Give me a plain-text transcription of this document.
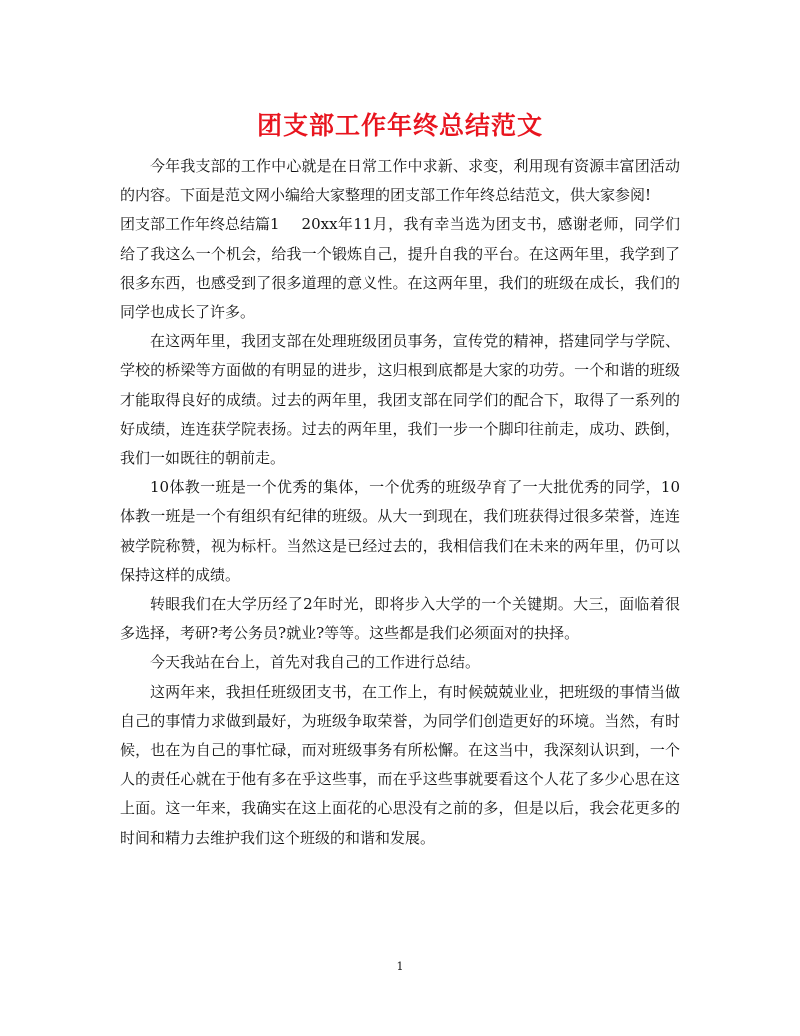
团支部工作年终总结范文

今年我支部的工作中心就是在日常工作中求新、求变，利用现有资源丰富团活动的内容。下面是范文网小编给大家整理的团支部工作年终总结范文，供大家参阅!

团支部工作年终总结篇1 20xx年11月，我有幸当选为团支书，感谢老师，同学们给了我这么一个机会，给我一个锻炼自己，提升自我的平台。在这两年里，我学到了很多东西，也感受到了很多道理的意义性。在这两年里，我们的班级在成长，我们的同学也成长了许多。

在这两年里，我团支部在处理班级团员事务，宣传党的精神，搭建同学与学院、学校的桥梁等方面做的有明显的进步，这归根到底都是大家的功劳。一个和谐的班级才能取得良好的成绩。过去的两年里，我团支部在同学们的配合下，取得了一系列的好成绩，连连获学院表扬。过去的两年里，我们一步一个脚印往前走，成功、跌倒，我们一如既往的朝前走。

10体教一班是一个优秀的集体，一个优秀的班级孕育了一大批优秀的同学，10体教一班是一个有组织有纪律的班级。从大一到现在，我们班获得过很多荣誉，连连被学院称赞，视为标杆。当然这是已经过去的，我相信我们在未来的两年里，仍可以保持这样的成绩。

转眼我们在大学历经了2年时光，即将步入大学的一个关键期。大三，面临着很多选择，考研?考公务员?就业?等等。这些都是我们必须面对的抉择。

今天我站在台上，首先对我自己的工作进行总结。

这两年来，我担任班级团支书，在工作上，有时候兢兢业业，把班级的事情当做自己的事情力求做到最好，为班级争取荣誉，为同学们创造更好的环境。当然，有时候，也在为自己的事忙碌，而对班级事务有所松懈。在这当中，我深刻认识到，一个人的责任心就在于他有多在乎这些事，而在乎这些事就要看这个人花了多少心思在这上面。这一年来，我确实在这上面花的心思没有之前的多，但是以后，我会花更多的时间和精力去维护我们这个班级的和谐和发展。

1
